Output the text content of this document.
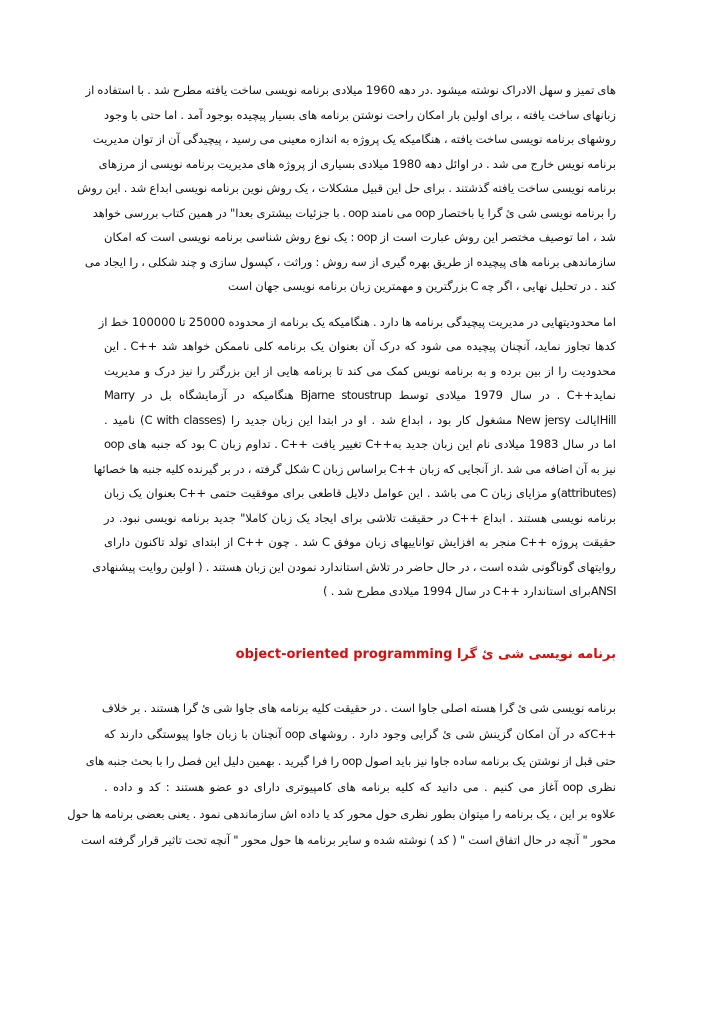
های تمیز و سهل الادراک نوشته میشود .در دهه 1960 میلادی برنامه نویسی ساخت یافته مطرح شد . با استفاده از
زبانهای ساخت یافته ، برای اولین بار امکان راحت نوشتن برنامه های بسیار پیچیده بوجود آمد . اما حتی با وجود
روشهای برنامه نویسی ساخت یافته ، هنگامیکه یک پروژه به اندازه معینی می رسید ، پیچیدگی آن از توان مدیریت
برنامه نویس خارج می شد . در اوائل دهه 1980 میلادی بسیاری از پروژه های مدیریت برنامه نویسی از مرزهای
برنامه نویسی ساخت یافته گذشتند . برای حل این قبیل مشکلات ، یک روش نوین برنامه نویسی ابداع شد . این روش
را برنامه نویسی شی ئ گرا یا باختصار oop می نامند oop . با جزئیات بیشتری بعدا" در همین کتاب بررسی خواهد
شد ، اما توصیف مختصر این روش عبارت است از oop : یک نوع روش شناسی برنامه نویسی است که امکان
سازماندهی برنامه های پیچیده از طریق بهره گیری از سه روش : وراثت ، کپسول سازی و چند شکلی ، را ایجاد می
کند . در تحلیل نهایی ، اگر چه C بزرگترین و مهمترین زبان برنامه نویسی جهان است
اما محدودیتهایی در مدیریت پیچیدگی برنامه ها دارد . هنگامیکه یک برنامه از محدوده 25000 تا 100000 خط از
کدها تجاوز نماید، آنچنان پیچیده می شود که درک آن بعنوان یک برنامه کلی ناممکن خواهد شد ++C . این
محدودیت را از بین برده و به برنامه نویس کمک می کند تا برنامه هایی از این بزرگتر را نیز درک و مدیریت
نماید++C . در سال 1979 میلادی توسط Bjarne stoustrup هنگامیکه در آزمایشگاه بل در Marry
Hillایالت New jersy مشغول کار بود ، ابداع شد . او در ابتدا این زبان جدید را (C with classes) نامید .
اما در سال 1983 میلادی نام این زبان جدید به++C تغییر یافت ++C . تداوم زبان C بود که جنبه های oop
نیز به آن اضافه می شد .از آنجایی که زبان ++C براساس زبان C شکل گرفته ، در بر گیرنده کلیه جنبه ها خصائها
(attributes)و مزایای زبان C می باشد . این عوامل دلایل قاطعی برای موفقیت حتمی ++C بعنوان یک زبان
برنامه نویسی هستند . ابداع ++C در حقیقت تلاشی برای ایجاد یک زبان کاملا" جدید برنامه نویسی نبود. در
حقیقت پروژه ++C منجر به افزایش تواناییهای زبان موفق C شد . چون ++C از ابتدای تولد تاکنون دارای
روایتهای گوناگونی شده است ، در حال حاضر در تلاش استاندارد نمودن این زبان هستند . ( اولین روایت پیشنهادی
ANSIبرای استاندارد ++C در سال 1994 میلادی مطرح شد . )
برنامه نویسی شی ئ گرا object-oriented programming
برنامه نویسی شی ئ گرا هسته اصلی جاوا است . در حقیقت کلیه برنامه های جاوا شی ئ گرا هستند . بر خلاف
++Cکه در آن امکان گزینش شی ئ گرایی وجود دارد . روشهای oop آنچنان با زبان جاوا پیوستگی دارند که
حتی قبل از نوشتن یک برنامه ساده جاوا نیز باید اصول oop را فرا گیرید . بهمین دلیل این فصل را با بحث جنبه های
نظری oop آغاز می کنیم . می دانید که کلیه برنامه های کامپیوتری دارای دو عضو هستند : کد و داده .
علاوه بر این ، یک برنامه را میتوان بطور نظری حول محور کد یا داده اش سازماندهی نمود . یعنی بعضی برنامه ها حول
محور " آنچه در حال اتفاق است " ( کد ) نوشته شده و سایر برنامه ها حول محور " آنچه تحت تاثیر قرار گرفته است
